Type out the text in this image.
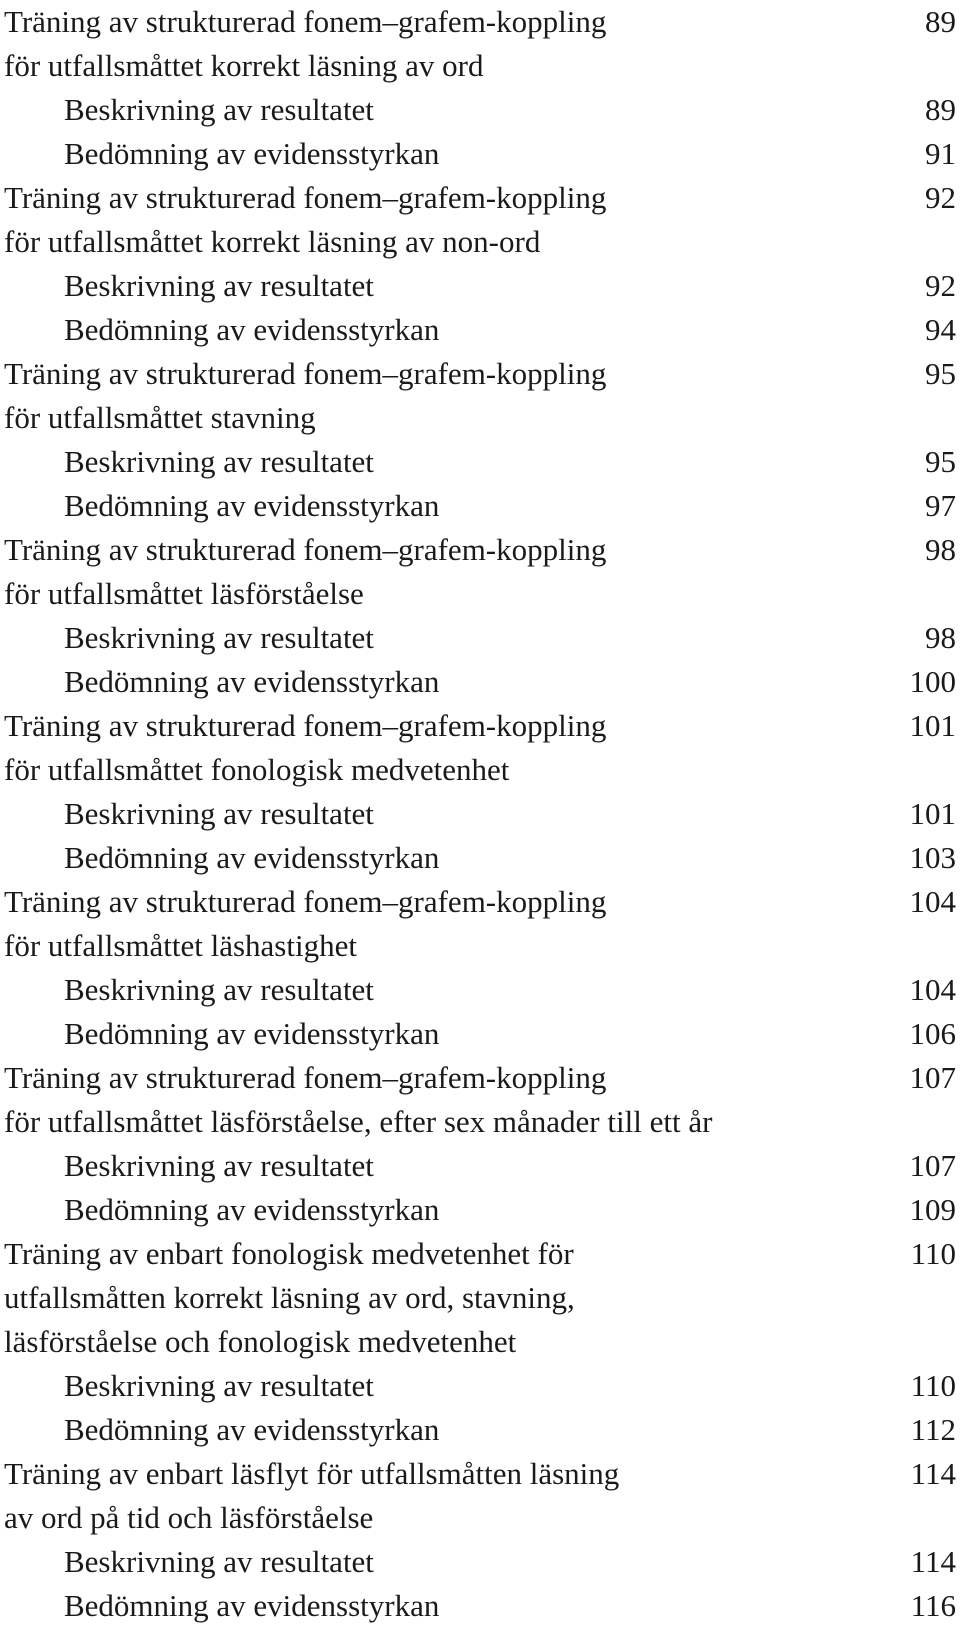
Träning av strukturerad fonem–grafem-koppling	89
för utfallsmåttet korrekt läsning av ord
Beskrivning av resultatet	89
Bedömning av evidensstyrkan	91
Träning av strukturerad fonem–grafem-koppling	92
för utfallsmåttet korrekt läsning av non-ord
Beskrivning av resultatet	92
Bedömning av evidensstyrkan	94
Träning av strukturerad fonem–grafem-koppling	95
för utfallsmåttet stavning
Beskrivning av resultatet	95
Bedömning av evidensstyrkan	97
Träning av strukturerad fonem–grafem-koppling	98
för utfallsmåttet läsförståelse
Beskrivning av resultatet	98
Bedömning av evidensstyrkan	100
Träning av strukturerad fonem–grafem-koppling	101
för utfallsmåttet fonologisk medvetenhet
Beskrivning av resultatet	101
Bedömning av evidensstyrkan	103
Träning av strukturerad fonem–grafem-koppling	104
för utfallsmåttet läshastighet
Beskrivning av resultatet	104
Bedömning av evidensstyrkan	106
Träning av strukturerad fonem–grafem-koppling	107
för utfallsmåttet läsförståelse, efter sex månader till ett år
Beskrivning av resultatet	107
Bedömning av evidensstyrkan	109
Träning av enbart fonologisk medvetenhet för	110
utfallsmåtten korrekt läsning av ord, stavning,
läsförståelse och fonologisk medvetenhet
Beskrivning av resultatet	110
Bedömning av evidensstyrkan	112
Träning av enbart läsflyt för utfallsmåtten läsning	114
av ord på tid och läsförståelse
Beskrivning av resultatet	114
Bedömning av evidensstyrkan	116
